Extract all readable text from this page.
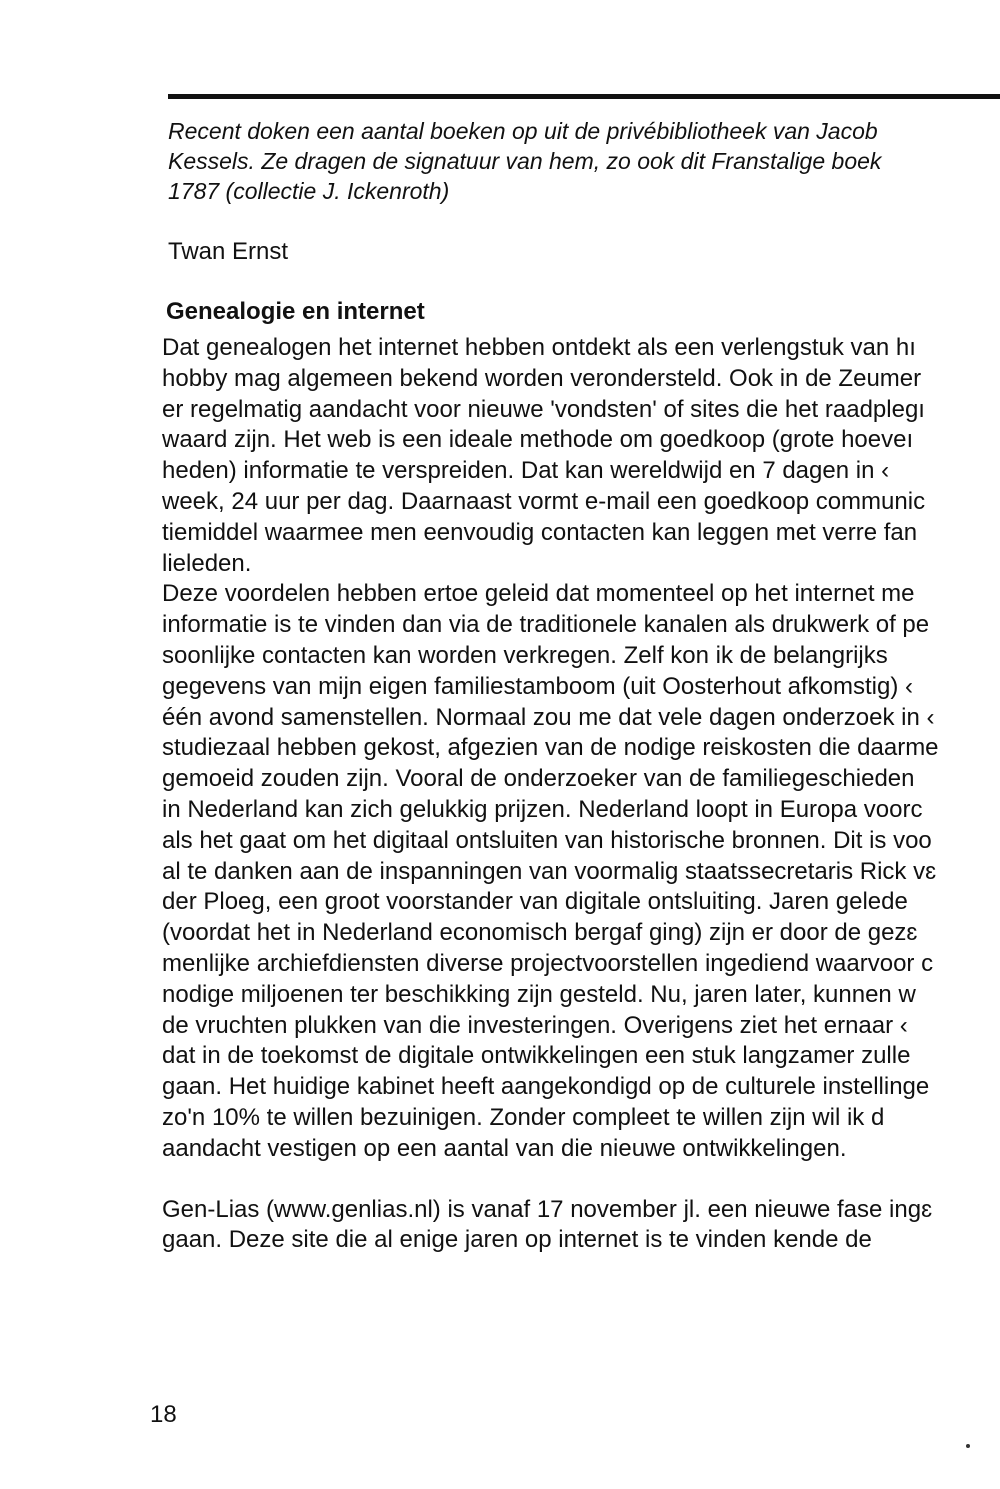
Recent doken een aantal boeken op uit de privébibliotheek van Jacob
Kessels. Ze dragen de signatuur van hem, zo ook dit Franstalige boek
1787 (collectie J. Ickenroth)
Twan Ernst
Genealogie en internet
Dat genealogen het internet hebben ontdekt als een verlengstuk van hı
hobby mag algemeen bekend worden verondersteld. Ook in de Zeumer
er regelmatig aandacht voor nieuwe 'vondsten' of sites die het raadplegı
waard zijn. Het web is een ideale methode om goedkoop (grote hoeveı
heden) informatie te verspreiden. Dat kan wereldwijd en 7 dagen in ‹
week, 24 uur per dag. Daarnaast vormt e-mail een goedkoop communic
tiemiddel waarmee men eenvoudig contacten kan leggen met verre fan
lieleden.
Deze voordelen hebben ertoe geleid dat momenteel op het internet me
informatie is te vinden dan via de traditionele kanalen als drukwerk of pe
soonlijke contacten kan worden verkregen. Zelf kon ik de belangrijks
gegevens van mijn eigen familiestamboom (uit Oosterhout afkomstig) ‹
één avond samenstellen. Normaal zou me dat vele dagen onderzoek in ‹
studiezaal hebben gekost, afgezien van de nodige reiskosten die daarme
gemoeid zouden zijn. Vooral de onderzoeker van de familiegeschieden
in Nederland kan zich gelukkig prijzen. Nederland loopt in Europa voorc
als het gaat om het digitaal ontsluiten van historische bronnen. Dit is voo
al te danken aan de inspanningen van voormalig staatssecretaris Rick vɛ
der Ploeg, een groot voorstander van digitale ontsluiting. Jaren gelede
(voordat het in Nederland economisch bergaf ging) zijn er door de gezɛ
menlijke archiefdiensten diverse projectvoorstellen ingediend waarvoor c
nodige miljoenen ter beschikking zijn gesteld. Nu, jaren later, kunnen w
de vruchten plukken van die investeringen. Overigens ziet het ernaar ‹
dat in de toekomst de digitale ontwikkelingen een stuk langzamer zulle
gaan. Het huidige kabinet heeft aangekondigd op de culturele instellinge
zo'n 10% te willen bezuinigen. Zonder compleet te willen zijn wil ik d
aandacht vestigen op een aantal van die nieuwe ontwikkelingen.
Gen-Lias (www.genlias.nl) is vanaf 17 november jl. een nieuwe fase ingɛ
gaan. Deze site die al enige jaren op internet is te vinden kende de
18
